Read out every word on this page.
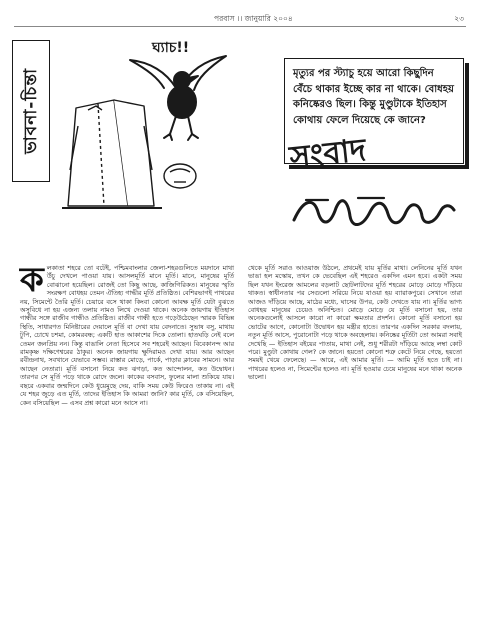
পরবাস ।। জানুয়ারি ২০০৪	২৩
ভাবনা-চিন্তা
ঘ্যাচ!!
সংবাদ
মৃত্যুর পর স্ট্যাচু হয়ে আরো কিছুদিন বেঁচে থাকার ইচ্ছে কার না থাকে। বোধহয় কনিষ্কেরও ছিল। কিন্তু মুণ্ডুটাকে ইতিহাস কোথায় ফেলে দিয়েছে কে জানে?

কলকাতা শহরে তো বটেই, পশ্চিমবাংলার জেলা-শহরগুলিতে ময়দানে মাথা উঁচু দেখলে পাওয়া যায়। আসলমূর্তি মানে মূর্তি। মানে, মানুষের মূর্তি বোঝানো হয়েছিল। রোজই তো কিছু আছে, কাজিগিরিকত। মানুষের স্মৃতি সংরক্ষণ বোধহয় তেমন ঐতিহ্য গাদ্ধীর মূর্তি প্রতিষ্ঠিত। বেশিরভাগই পাথরের নয়, সিমেন্টে তৈরি মূর্তি। চেয়ারে বসে থাকা কিংবা কোনো আবক্ষ মূর্তি যেটা বুঝতে অসুবিধে না হয় এজন্য তলায় নামও লিখে দেওয়া থাকে। অনেক জায়গায় ইতিহাস গান্ধীর সঙ্গে রাজীব গান্ধীও প্রতিষ্ঠিত। রাজীব গান্ধী হতে গড়েউঠেছেন স্মারক বিভিন্ন স্থিতি, সাধারণত মিনিষ্টারের দেয়ালে মূর্তি বা দেখা যায় বেদনাতে। সুভাষ বসু, মাথায় টুপি, চোখে চশমা, কোমরবন্ধ; একটি হাত আকাশের দিকে তোলা। হাতঘড়ি নেই বলে তেমন জনপ্রিয় নন। কিন্তু বাঙালি নেতা হিসেবে সব শহরেই আছেন। বিবেকানন্দ আর রামকৃষ্ণ দক্ষিণেশ্বরের ঠাকুর। অনেক জায়গায় ক্ষুদিরামও দেখা যায়। আর আছেন রবীন্দ্রনাথ, সবখানে যেভাবে সম্ভব। রাস্তার মোড়ে, পার্কে, পাড়ার ক্লাবের সামনে। আর আছেন নেতারা। মূর্তি বসানো নিয়ে কত ঝগড়া, কত আন্দোলন, কত উদ্বোধন। তারপর সে মূর্তি পড়ে থাকে রোদে জলে। কাকের বসবাস, ফুলের মালা শুকিয়ে যায়। বছরে একবার জন্মদিনে কেউ ধুয়েমুছে দেয়, বাকি সময় কেউ ফিরেও তাকায় না। এই যে শহর জুড়ে এত মূর্তি, তাদের ইতিহাস কি আমরা জানি? কার মূর্তি, কে বসিয়েছিল, কেন বসিয়েছিল — এসব প্রশ্ন কারো মনে আসে না।

থেকে মূর্তি সরাও আওয়াজ উঠলে, প্রথমেই যায় মূর্তির মাথা। লেনিনের মূর্তি যখন ভাঙা হল মস্কোয়, তখন কে ভেবেছিল এই শহরেও একদিন এমন হবে। একটা সময় ছিল যখন ইংরেজ আমলের বড়লাট ছোটলাটদের মূর্তি শহরের মোড়ে মোড়ে দাঁড়িয়ে থাকত। স্বাধীনতার পর সেগুলো সরিয়ে নিয়ে যাওয়া হয় ব্যারাকপুরে। সেখানে তারা আজও দাঁড়িয়ে আছে, মাঠের মধ্যে, ঘাসের উপর, কেউ দেখতে যায় না। মূর্তির ভাগ্য বোধহয় মানুষের চেয়েও অনিশ্চিত। মোড়ে মোড়ে যে মূর্তি বসানো হয়, তার অনেকগুলোই আসলে কারো না কারো ক্ষমতার প্রদর্শন। কোনো মূর্তি বসানো হয় ভোটের আগে, কোনোটা উদ্বোধন হয় মন্ত্রীর হাতে। তারপর একদিন সরকার বদলায়, নতুন মূর্তি আসে, পুরোনোটা পড়ে থাকে অবহেলায়। কনিষ্কের মূর্তিটা তো আমরা সবাই দেখেছি — ইতিহাস বইয়ের পাতায়, মাথা নেই, শুধু শরীরটা দাঁড়িয়ে আছে লম্বা কোট পরে। মুণ্ডুটা কোথায় গেল? কে জানে। হয়তো কোনো শত্রু কেটে নিয়ে গেছে, হয়তো সময়ই খেয়ে ফেলেছে। — আরে, এই আমার মূর্তি। — আমি মূর্তি হতে চাই না। পাথরের হলেও না, সিমেন্টের হলেও না। মূর্তি হওয়ার চেয়ে মানুষের মনে থাকা অনেক ভালো।
